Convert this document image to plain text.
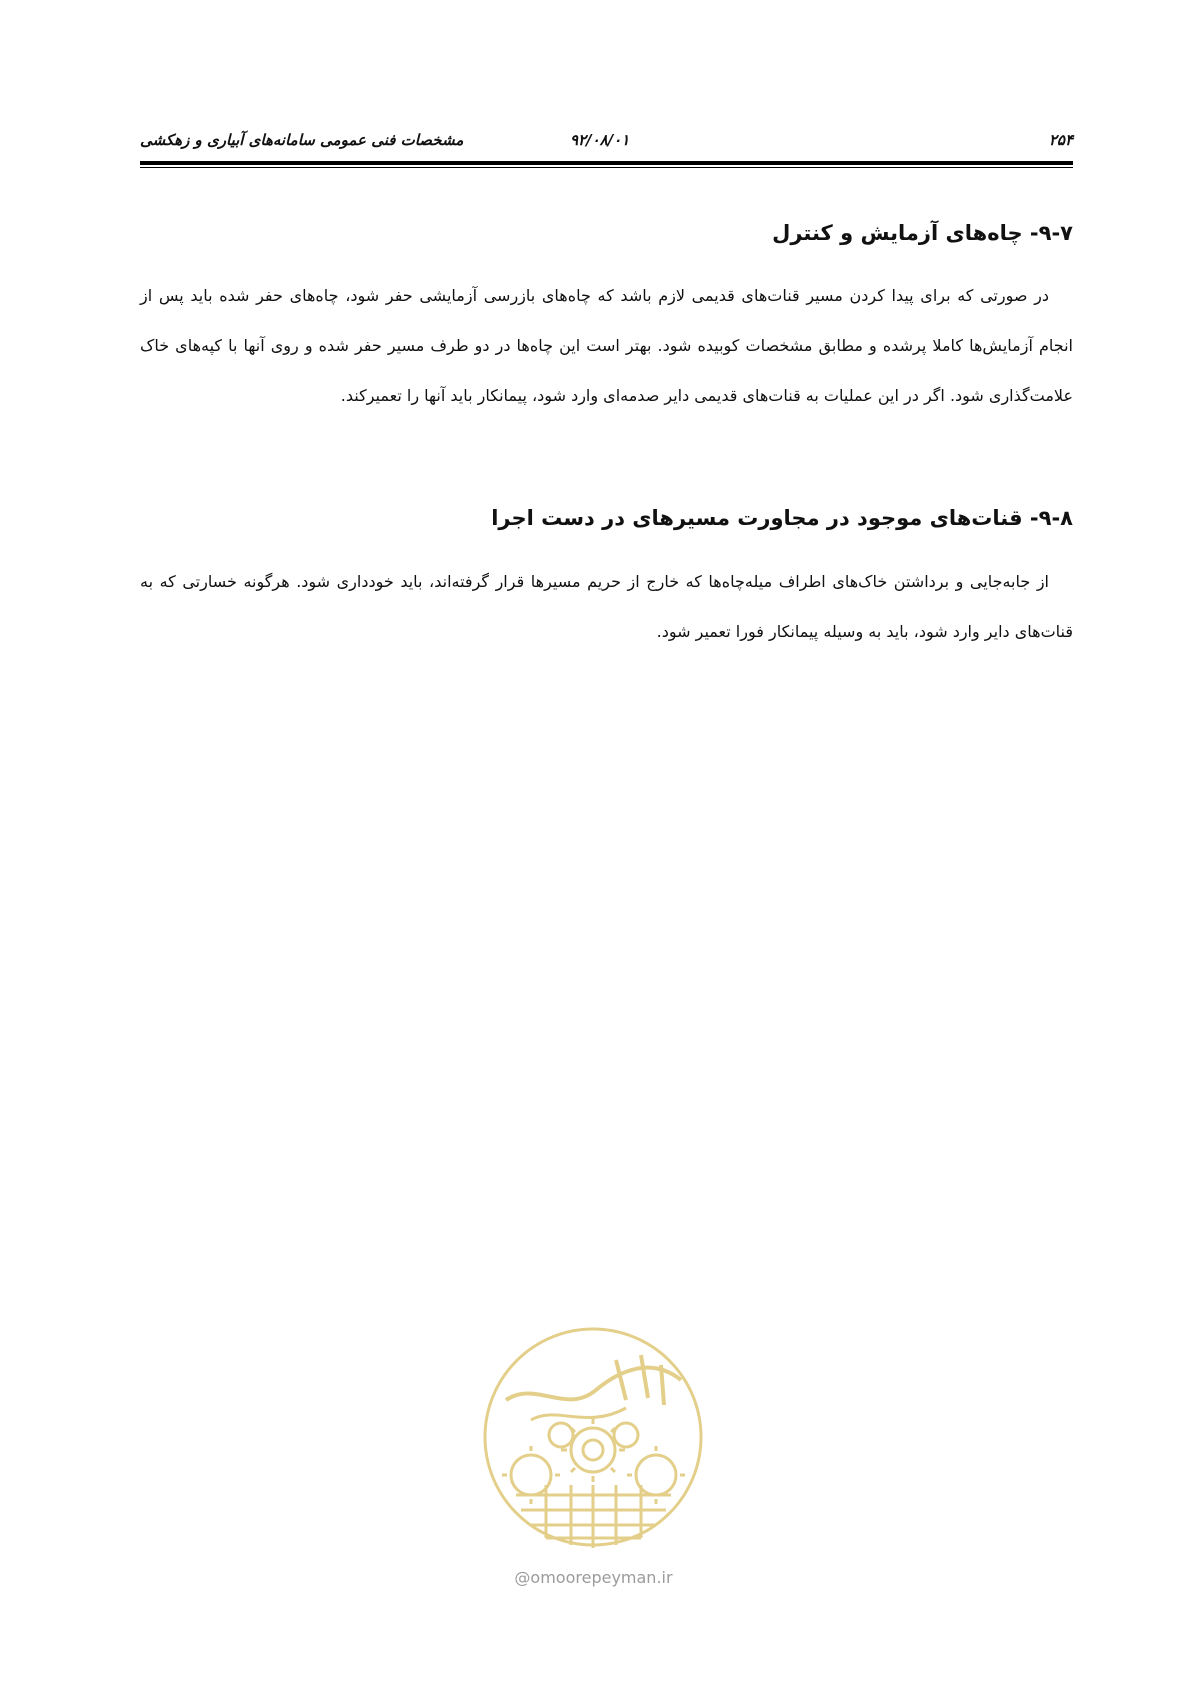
۲۵۴
۹۲/۰۸/۰۱
مشخصات فنی عمومی سامانه‌های آبیاری و زهکشی
۹-۷- چاه‌های آزمایش و کنترل

در صورتی که برای پیدا کردن مسیر قنات‌های قدیمی لازم باشد که چاه‌های بازرسی آزمایشی حفر شود، چاه‌های حفر شده باید پس از انجام آزمایش‌ها کاملا پرشده و مطابق مشخصات کوبیده شود. بهتر است این چاه‌ها در دو طرف مسیر حفر شده و روی آنها با کپه‌های خاک علامت‌گذاری شود. اگر در این عملیات به قنات‌های قدیمی دایر صدمه‌ای وارد شود، پیمانکار باید آنها را تعمیرکند.

۹-۸- قنات‌های موجود در مجاورت مسیرهای در دست اجرا

از جابه‌جایی و برداشتن خاک‌های اطراف میله‌چاه‌ها که خارج از حریم مسیرها قرار گرفته‌اند، باید خودداری شود. هرگونه خسارتی که به قنات‌های دایر وارد شود، باید به وسیله پیمانکار فورا تعمیر شود.

@omoorepeyman.ir
